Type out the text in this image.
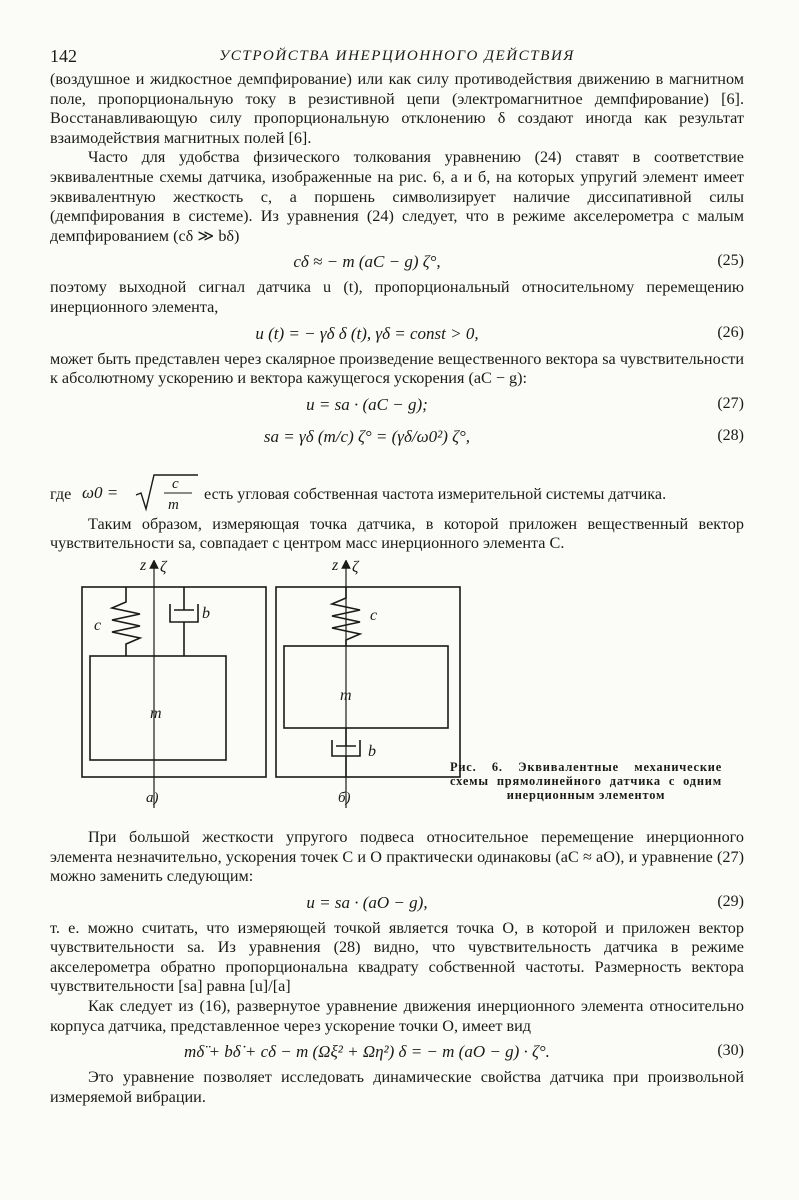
142	УСТРОЙСТВА ИНЕРЦИОННОГО ДЕЙСТВИЯ

(воздушное и жидкостное демпфирование) или как силу противодействия движению в магнитном поле, пропорциональную току в резистивной цепи (электромагнитное демпфирование) [6]. Восстанавливающую силу пропорциональную отклонению δ создают иногда как результат взаимодействия магнитных полей [6].

Часто для удобства физического толкования уравнению (24) ставят в соответствие эквивалентные схемы датчика, изображенные на рис. 6, а и б, на которых упругий элемент имеет эквивалентную жесткость c, а поршень символизирует наличие диссипативной силы (демпфирования в системе). Из уравнения (24) следует, что в режиме акселерометра с малым демпфированием (cδ ≫ bδ)

cδ ≈ − m (aC − g) ζ°,	(25)

поэтому выходной сигнал датчика u (t), пропорциональный относительному перемещению инерционного элемента,

u (t) = − γδ δ (t), γδ = const > 0,	(26)

может быть представлен через скалярное произведение вещественного вектора sa чувствительности к абсолютному ускорению и вектора кажущегося ускорения (aC − g):

u = sa · (aC − g);	(27)
sa = γδ (m/c) ζ° = (γδ/ω0²) ζ°,	(28)
где ω0 =	c
m
есть угловая собственная частота измерительной системы датчика.

Таким образом, измеряющая точка датчика, в которой приложен вещественный вектор чувствительности sa, совпадает с центром масс инерционного элемента C.

z ζ
c
b
m
а)
z ζ
c
b
m
б)
Рис. 6. Эквивалентные механические схемы прямолинейного датчика с одним инерционным элементом

При большой жесткости упругого подвеса относительное перемещение инерционного элемента незначительно, ускорения точек C и O практически одинаковы (aC ≈ aO), и уравнение (27) можно заменить следующим:

u = sa · (aO − g),	(29)

т. е. можно считать, что измеряющей точкой является точка O, в которой и приложен вектор чувствительности sa. Из уравнения (28) видно, что чувствительность датчика в режиме акселерометра обратно пропорциональна квадрату собственной частоты. Размерность вектора чувствительности [sa] равна [u]/[a]

Как следует из (16), развернутое уравнение движения инерционного элемента относительно корпуса датчика, представленное через ускорение точки O, имеет вид

mδ̈ + bδ̇ + cδ − m (Ωξ² + Ωη²) δ = − m (aO − g) · ζ°.	(30)

Это уравнение позволяет исследовать динамические свойства датчика при произвольной измеряемой вибрации.
